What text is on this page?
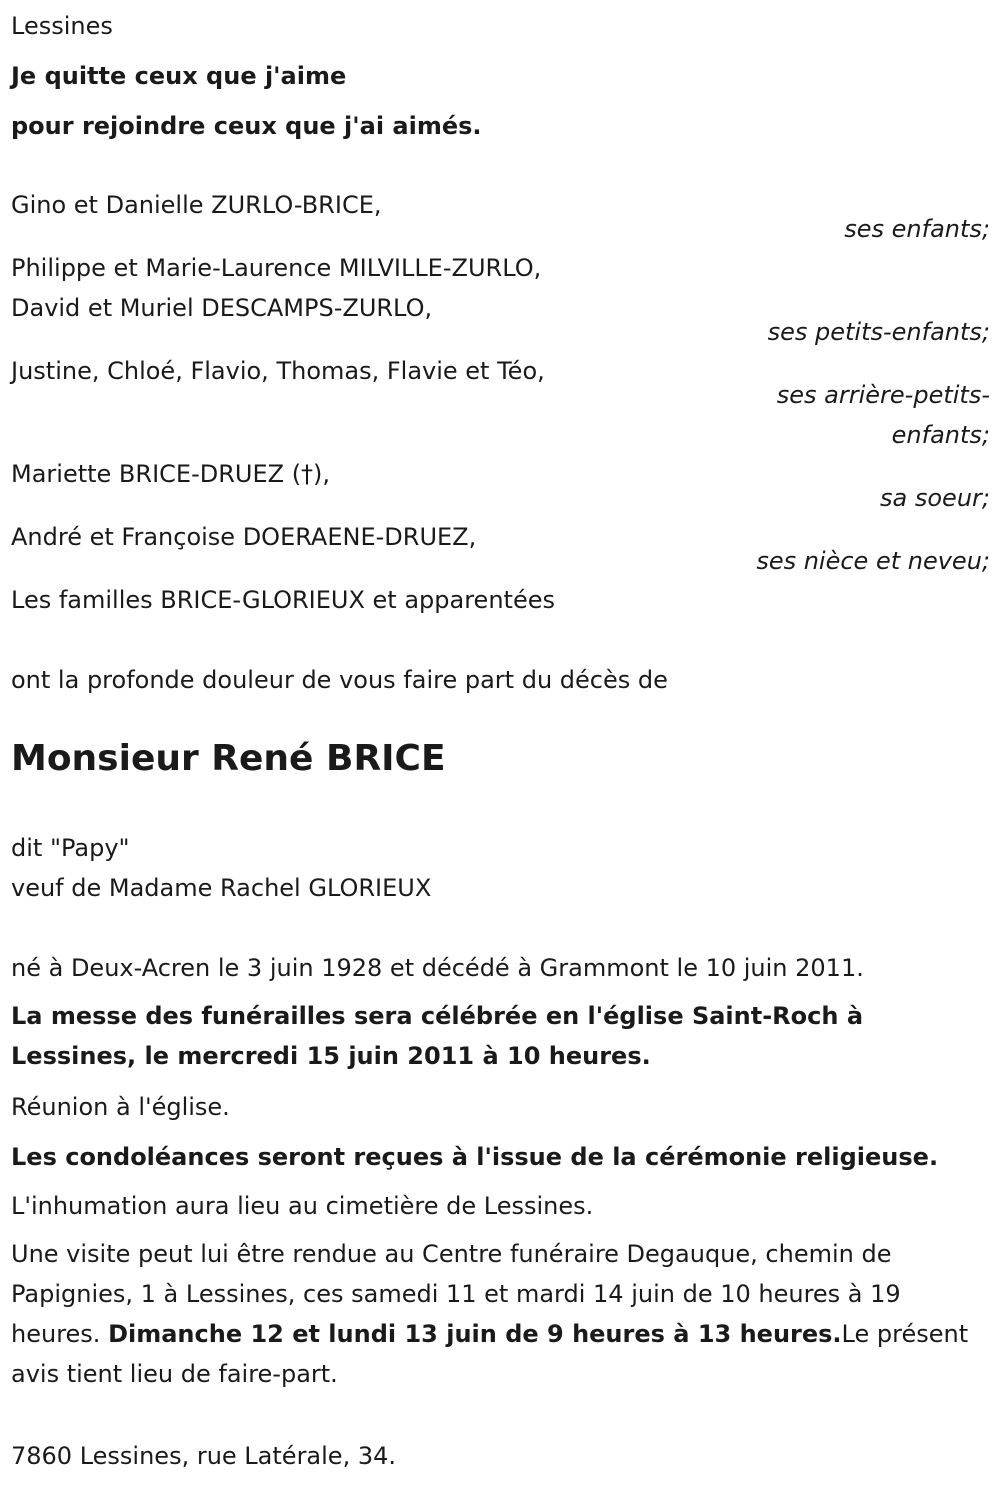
Lessines
Je quitte ceux que j'aime
pour rejoindre ceux que j'ai aimés.
Gino et Danielle ZURLO-BRICE,
ses enfants;
Philippe et Marie-Laurence MILVILLE-ZURLO,
David et Muriel DESCAMPS-ZURLO,
ses petits-enfants;
Justine, Chloé, Flavio, Thomas, Flavie et Téo,
ses arrière-petits-
enfants;
Mariette BRICE-DRUEZ (†),
sa soeur;
André et Françoise DOERAENE-DRUEZ,
ses nièce et neveu;
Les familles BRICE-GLORIEUX et apparentées
ont la profonde douleur de vous faire part du décès de
Monsieur René BRICE
dit "Papy"
veuf de Madame Rachel GLORIEUX
né à Deux-Acren le 3 juin 1928 et décédé à Grammont le 10 juin 2011.
La messe des funérailles sera célébrée en l'église Saint-Roch à Lessines, le mercredi 15 juin 2011 à 10 heures.
Réunion à l'église.
Les condoléances seront reçues à l'issue de la cérémonie religieuse.
L'inhumation aura lieu au cimetière de Lessines.
Une visite peut lui être rendue au Centre funéraire Degauque, chemin de Papignies, 1 à Lessines, ces samedi 11 et mardi 14 juin de 10 heures à 19 heures. Dimanche 12 et lundi 13 juin de 9 heures à 13 heures.Le présent avis tient lieu de faire-part.
7860 Lessines, rue Latérale, 34.
